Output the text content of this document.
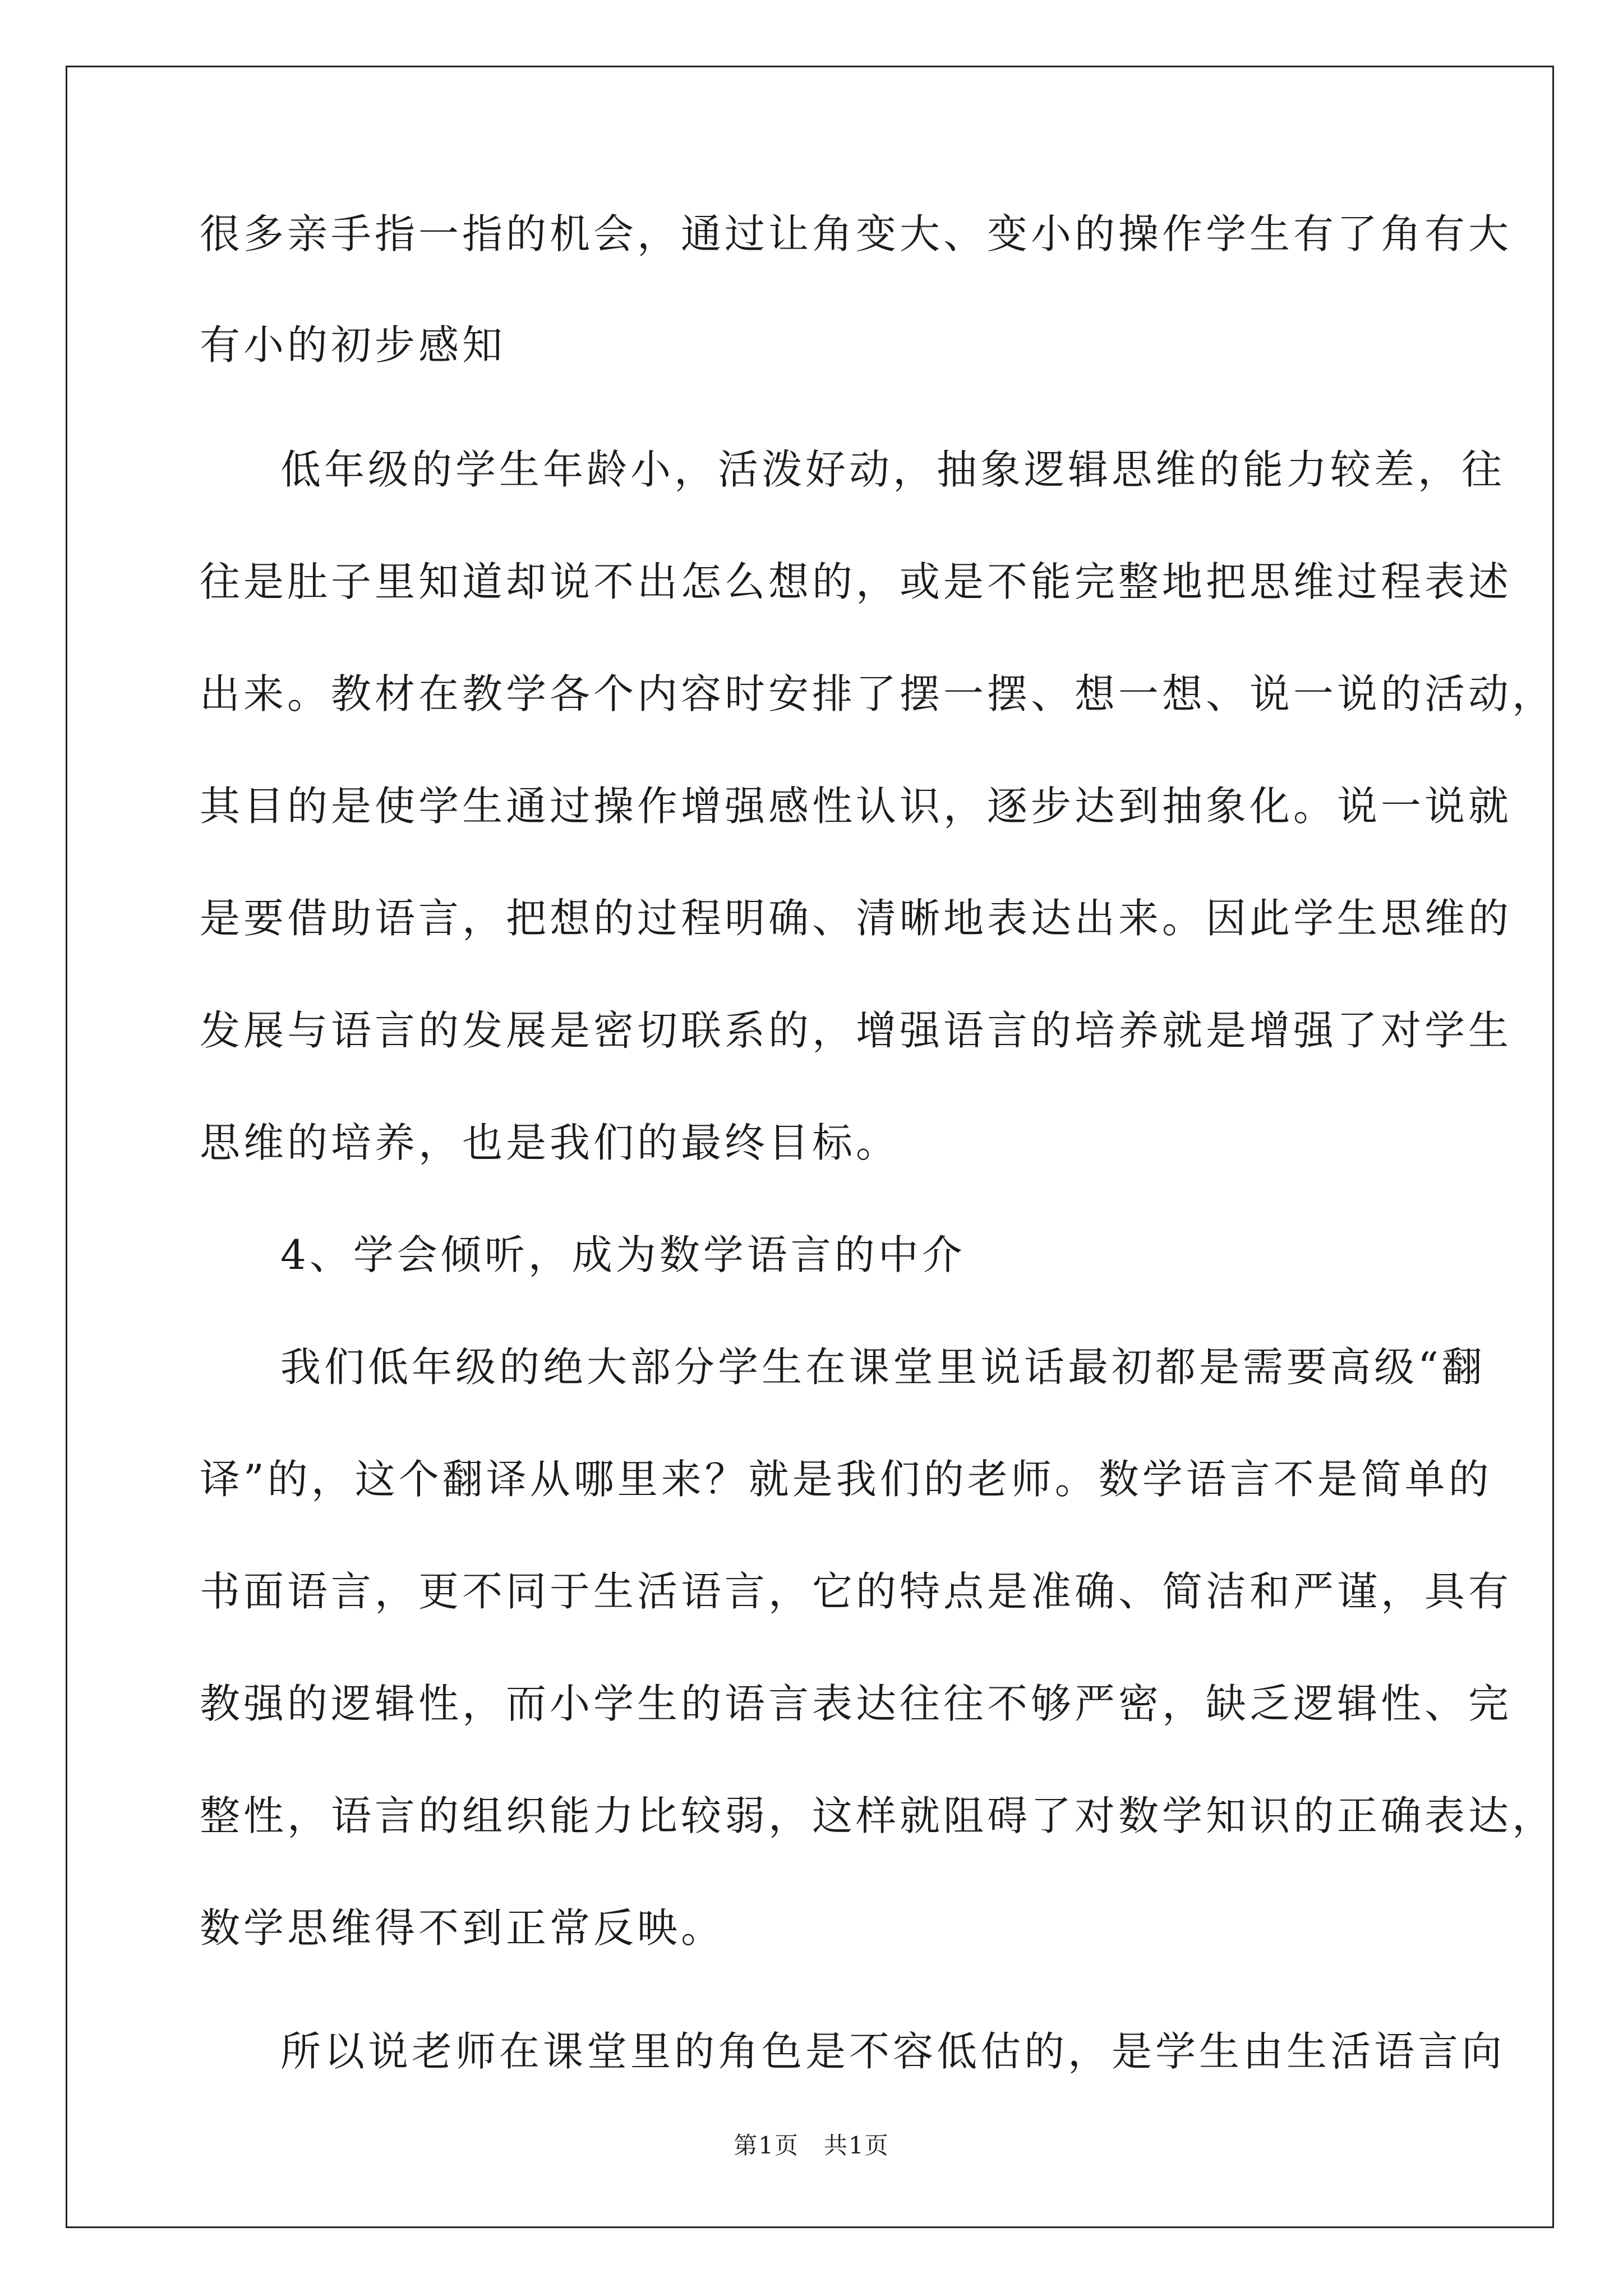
很多亲手指一指的机会，通过让角变大、变小的操作学生有了角有大
有小的初步感知
低年级的学生年龄小，活泼好动，抽象逻辑思维的能力较差，往
往是肚子里知道却说不出怎么想的，或是不能完整地把思维过程表述
出来。教材在教学各个内容时安排了摆一摆、想一想、说一说的活动，
其目的是使学生通过操作增强感性认识，逐步达到抽象化。说一说就
是要借助语言，把想的过程明确、清晰地表达出来。因此学生思维的
发展与语言的发展是密切联系的，增强语言的培养就是增强了对学生
思维的培养，也是我们的最终目标。
4、学会倾听，成为数学语言的中介
我们低年级的绝大部分学生在课堂里说话最初都是需要高级“翻
译”的，这个翻译从哪里来？就是我们的老师。数学语言不是简单的
书面语言，更不同于生活语言，它的特点是准确、简洁和严谨，具有
教强的逻辑性，而小学生的语言表达往往不够严密，缺乏逻辑性、完
整性，语言的组织能力比较弱，这样就阻碍了对数学知识的正确表达，
数学思维得不到正常反映。
所以说老师在课堂里的角色是不容低估的，是学生由生活语言向
第1页　共1页
